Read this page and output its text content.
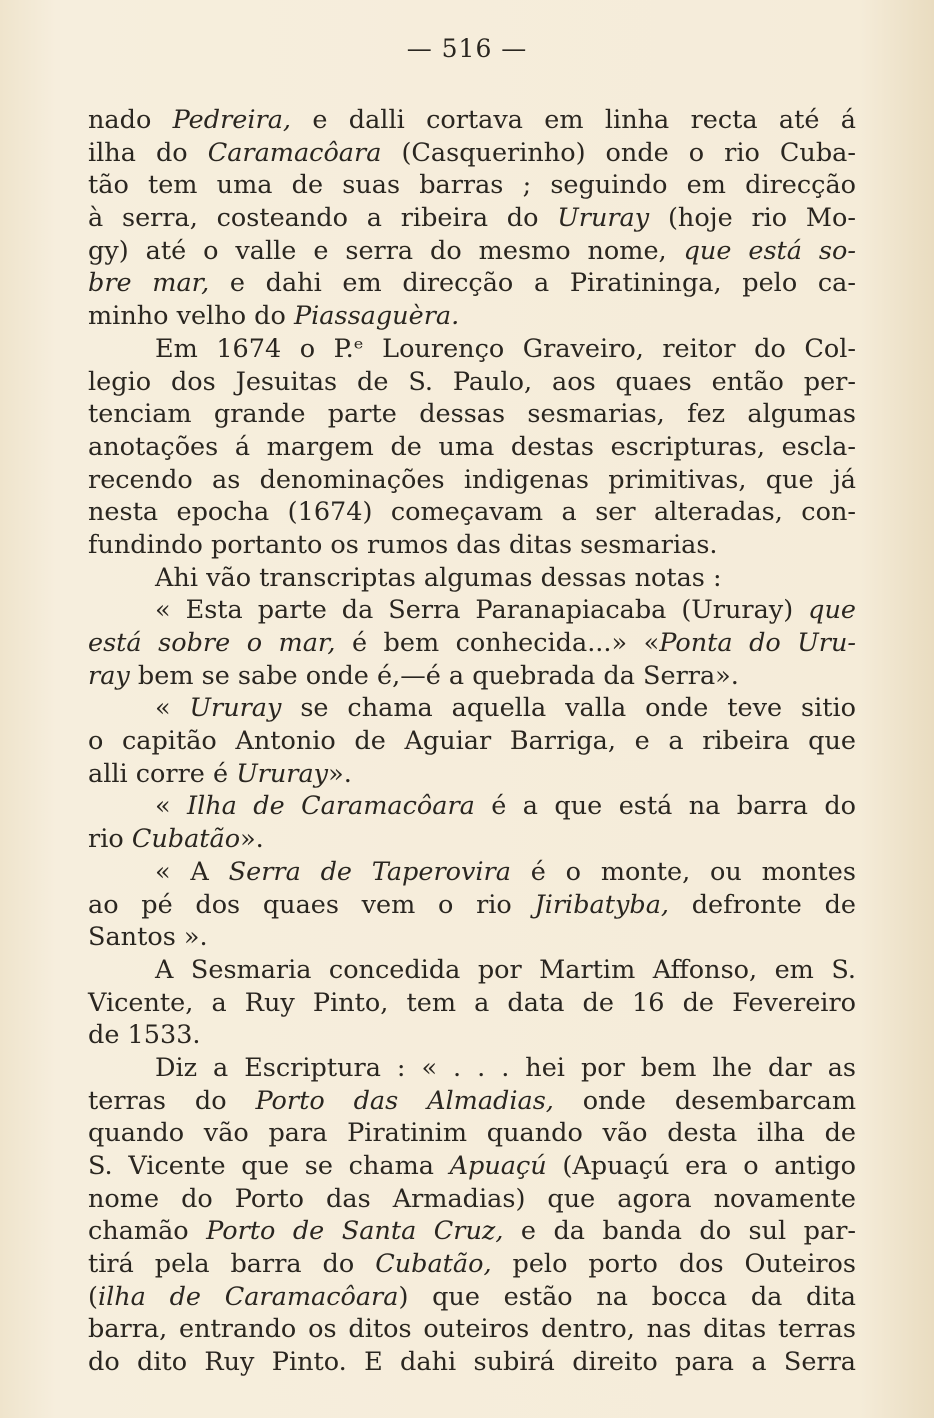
— 516 —
nado Pedreira, e dalli cortava em linha recta até á
ilha do Caramacôara (Casquerinho) onde o rio Cuba-
tão tem uma de suas barras ; seguindo em direcção
à serra, costeando a ribeira do Ururay (hoje rio Mo-
gy) até o valle e serra do mesmo nome, que está so-
bre mar, e dahi em direcção a Piratininga, pelo ca-
minho velho do Piassaguèra.
Em 1674 o P.ᵉ Lourenço Graveiro, reitor do Col-
legio dos Jesuitas de S. Paulo, aos quaes então per-
tenciam grande parte dessas sesmarias, fez algumas
anotações á margem de uma destas escripturas, escla-
recendo as denominações indigenas primitivas, que já
nesta epocha (1674) começavam a ser alteradas, con-
fundindo portanto os rumos das ditas sesmarias.
Ahi vão transcriptas algumas dessas notas :
« Esta parte da Serra Paranapiacaba (Ururay) que
está sobre o mar, é bem conhecida...» «Ponta do Uru-
ray bem se sabe onde é,—é a quebrada da Serra».
« Ururay se chama aquella valla onde teve sitio
o capitão Antonio de Aguiar Barriga, e a ribeira que
alli corre é Ururay».
« Ilha de Caramacôara é a que está na barra do
rio Cubatão».
« A Serra de Taperovira é o monte, ou montes
ao pé dos quaes vem o rio Jiribatyba, defronte de
Santos ».
A Sesmaria concedida por Martim Affonso, em S.
Vicente, a Ruy Pinto, tem a data de 16 de Fevereiro
de 1533.
Diz a Escriptura : « . . . hei por bem lhe dar as
terras do Porto das Almadias, onde desembarcam
quando vão para Piratinim quando vão desta ilha de
S. Vicente que se chama Apuaçú (Apuaçú era o antigo
nome do Porto das Armadias) que agora novamente
chamão Porto de Santa Cruz, e da banda do sul par-
tirá pela barra do Cubatão, pelo porto dos Outeiros
(ilha de Caramacôara) que estão na bocca da dita
barra, entrando os ditos outeiros dentro, nas ditas terras
do dito Ruy Pinto. E dahi subirá direito para a Serra
